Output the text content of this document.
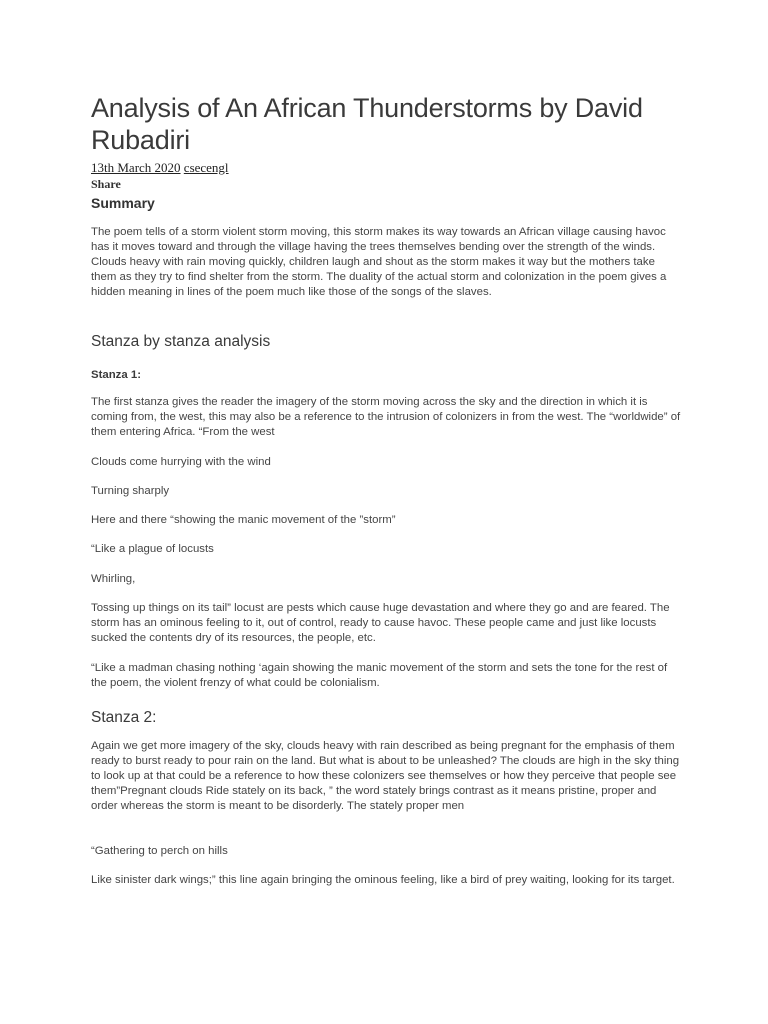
Analysis of An African Thunderstorms by David Rubadiri
13th March 2020 csecengl
Share
Summary

The poem tells of a storm violent storm moving, this storm makes its way towards an African village causing havoc has it moves toward and through the village having the trees themselves bending over the strength of the winds. Clouds heavy with rain moving quickly, children laugh and shout as the storm makes it way but the mothers take them as they try to find shelter from the storm. The duality of the actual storm and colonization in the poem gives a hidden meaning in lines of the poem much like those of the songs of the slaves.

Stanza by stanza analysis
Stanza 1:

The first stanza gives the reader the imagery of the storm moving across the sky and the direction in which it is coming from, the west, this may also be a reference to the intrusion of colonizers in from the west. The “worldwide” of them entering Africa. “From the west

Clouds come hurrying with the wind

Turning sharply

Here and there “showing the manic movement of the ”storm”

“Like a plague of locusts

Whirling,

Tossing up things on its tail” locust are pests which cause huge devastation and where they go and are feared. The storm has an ominous feeling to it, out of control, ready to cause havoc. These people came and just like locusts sucked the contents dry of its resources, the people, etc.

“Like a madman chasing nothing ‘again showing the manic movement of the storm and sets the tone for the rest of the poem, the violent frenzy of what could be colonialism.

Stanza 2:

Again we get more imagery of the sky, clouds heavy with rain described as being pregnant for the emphasis of them ready to burst ready to pour rain on the land. But what is about to be unleashed? The clouds are high in the sky thing to look up at that could be a reference to how these colonizers see themselves or how they perceive that people see them”Pregnant clouds Ride stately on its back, ” the word stately brings contrast as it means pristine, proper and order whereas the storm is meant to be disorderly. The stately proper men

“Gathering to perch on hills

Like sinister dark wings;” this line again bringing the ominous feeling, like a bird of prey waiting, looking for its target.
